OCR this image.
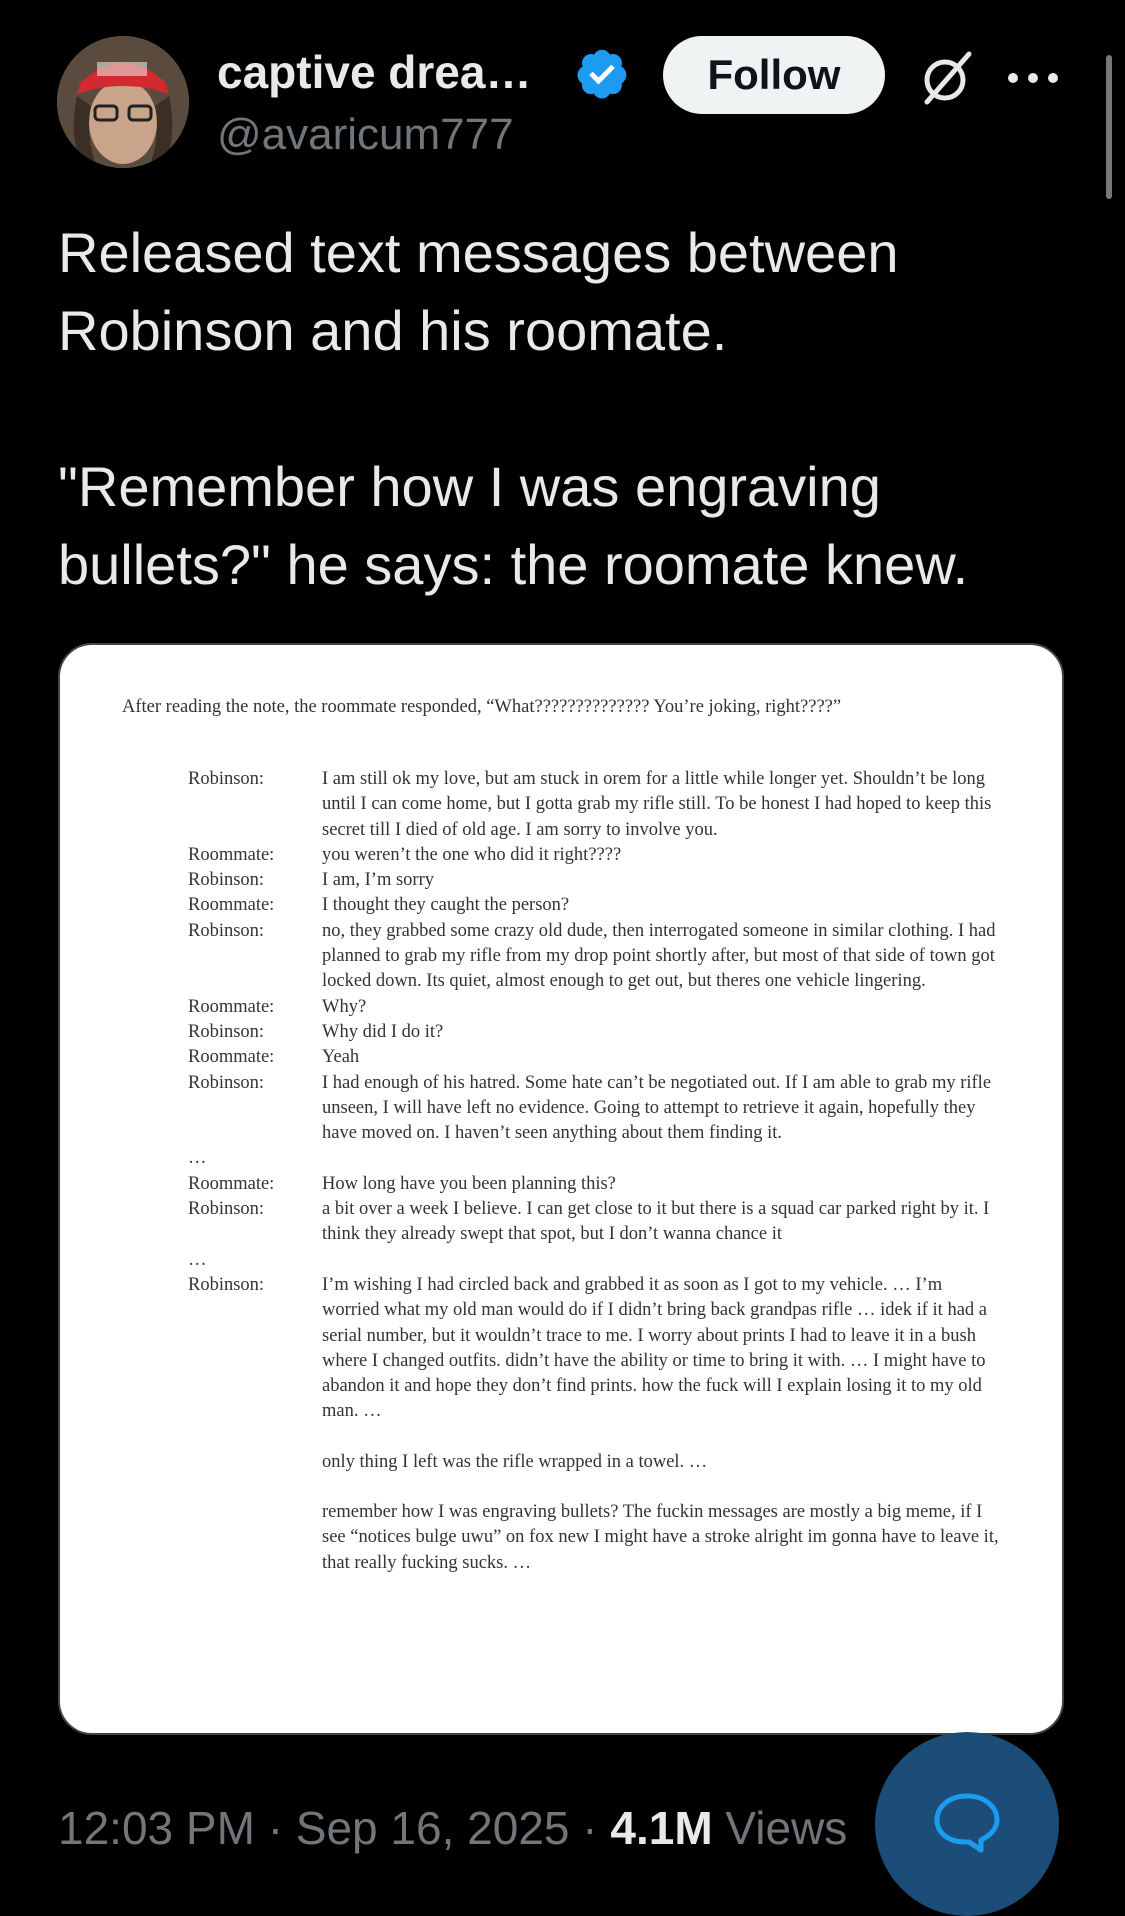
captive drea…
@avaricum777
Follow

Released text messages between Robinson and his roomate.

"Remember how I was engraving bullets?" he says: the roomate knew.

After reading the note, the roommate responded, “What?????????????? You’re joking, right????”
Robinson:	I am still ok my love, but am stuck in orem for a little while longer yet. Shouldn’t be long until I can come home, but I gotta grab my rifle still. To be honest I had hoped to keep this secret till I died of old age. I am sorry to involve you.
Roommate:	you weren’t the one who did it right????
Robinson:	I am, I’m sorry
Roommate:	I thought they caught the person?
Robinson:	no, they grabbed some crazy old dude, then interrogated someone in similar clothing. I had planned to grab my rifle from my drop point shortly after, but most of that side of town got locked down. Its quiet, almost enough to get out, but theres one vehicle lingering.
Roommate:	Why?
Robinson:	Why did I do it?
Roommate:	Yeah
Robinson:	I had enough of his hatred. Some hate can’t be negotiated out. If I am able to grab my rifle unseen, I will have left no evidence. Going to attempt to retrieve it again, hopefully they have moved on. I haven’t seen anything about them finding it.
…
Roommate:	How long have you been planning this?
Robinson:	a bit over a week I believe. I can get close to it but there is a squad car parked right by it. I think they already swept that spot, but I don’t wanna chance it
…
Robinson:	I’m wishing I had circled back and grabbed it as soon as I got to my vehicle. … I’m worried what my old man would do if I didn’t bring back grandpas rifle … idek if it had a serial number, but it wouldn’t trace to me. I worry about prints I had to leave it in a bush where I changed outfits. didn’t have the ability or time to bring it with. … I might have to abandon it and hope they don’t find prints. how the fuck will I explain losing it to my old man. …
only thing I left was the rifle wrapped in a towel. …
remember how I was engraving bullets? The fuckin messages are mostly a big meme, if I see “notices bulge uwu” on fox new I might have a stroke alright im gonna have to leave it, that really fucking sucks. …
12:03 PM · Sep 16, 2025 · 4.1M Views
